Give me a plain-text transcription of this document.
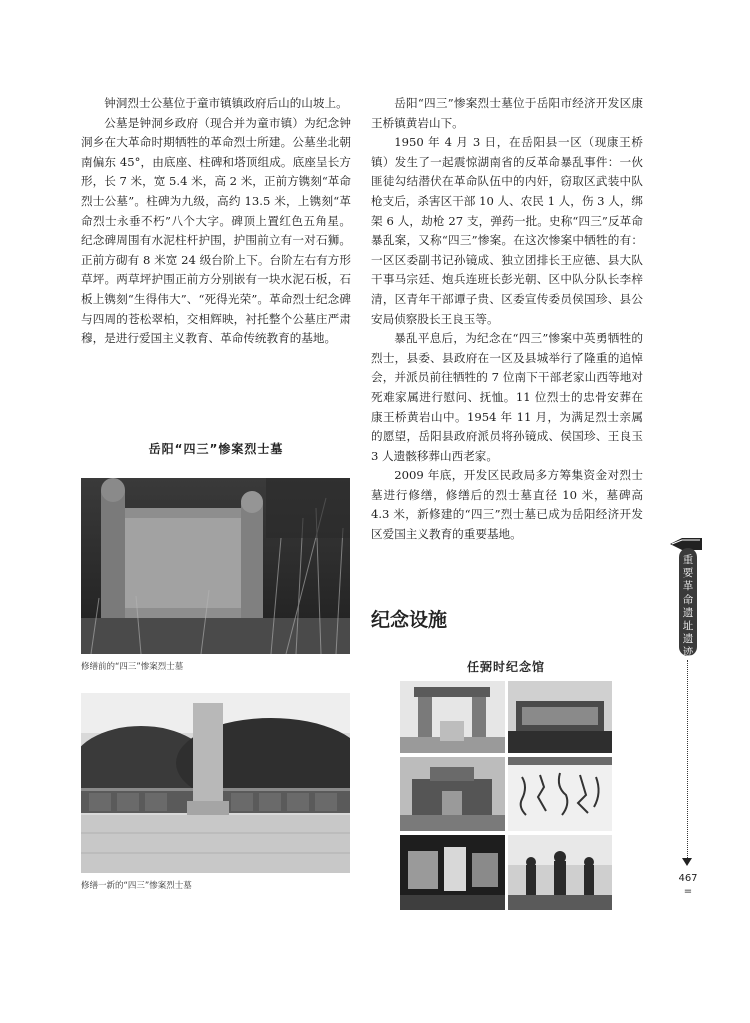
钟洞烈士公墓位于童市镇镇政府后山的山坡上。

公墓是钟洞乡政府（现合并为童市镇）为纪念钟洞乡在大革命时期牺牲的革命烈士所建。公墓坐北朝南偏东 45°，由底座、柱碑和塔顶组成。底座呈长方形，长 7 米，宽 5.4 米，高 2 米，正前方镌刻“革命烈士公墓”。柱碑为九级，高约 13.5 米，上镌刻“革命烈士永垂不朽”八个大字。碑顶上置红色五角星。纪念碑周围有水泥柱杆护围，护围前立有一对石狮。正前方砌有 8 米宽 24 级台阶上下。台阶左右有方形草坪。两草坪护围正前方分别嵌有一块水泥石板，石板上镌刻“生得伟大”、“死得光荣”。革命烈士纪念碑与四周的苍松翠柏，交相辉映，衬托整个公墓庄严肃穆，是进行爱国主义教育、革命传统教育的基地。

岳阳“四三”惨案烈士墓
修缮前的“四三”惨案烈士墓
修缮一新的“四三”惨案烈士墓

岳阳“四三”惨案烈士墓位于岳阳市经济开发区康王桥镇黄岩山下。

1950 年 4 月 3 日，在岳阳县一区（现康王桥镇）发生了一起震惊湖南省的反革命暴乱事件：一伙匪徒勾结潜伏在革命队伍中的内奸，窃取区武装中队枪支后，杀害区干部 10 人、农民 1 人，伤 3 人，绑架 6 人，劫枪 27 支，弹药一批。史称“四三”反革命暴乱案，又称“四三”惨案。在这次惨案中牺牲的有：一区区委副书记孙镜成、独立团排长王应德、县大队干事马宗廷、炮兵连班长彭光朝、区中队分队长李梓清，区青年干部谭子贵、区委宣传委员侯国珍、县公安局侦察股长王良玉等。

暴乱平息后，为纪念在“四三”惨案中英勇牺牲的烈士，县委、县政府在一区及县城举行了隆重的追悼会，并派员前往牺牲的 7 位南下干部老家山西等地对死难家属进行慰问、抚恤。11 位烈士的忠骨安葬在康王桥黄岩山中。1954 年 11 月，为满足烈士亲属的愿望，岳阳县政府派员将孙镜成、侯国珍、王良玉 3 人遗骸移葬山西老家。

2009 年底，开发区民政局多方筹集资金对烈士墓进行修缮，修缮后的烈士墓直径 10 米，墓碑高 4.3 米，新修建的“四三”烈士墓已成为岳阳经济开发区爱国主义教育的重要基地。

纪念设施
任弼时纪念馆
重要革命遗址遗迹
467
=
